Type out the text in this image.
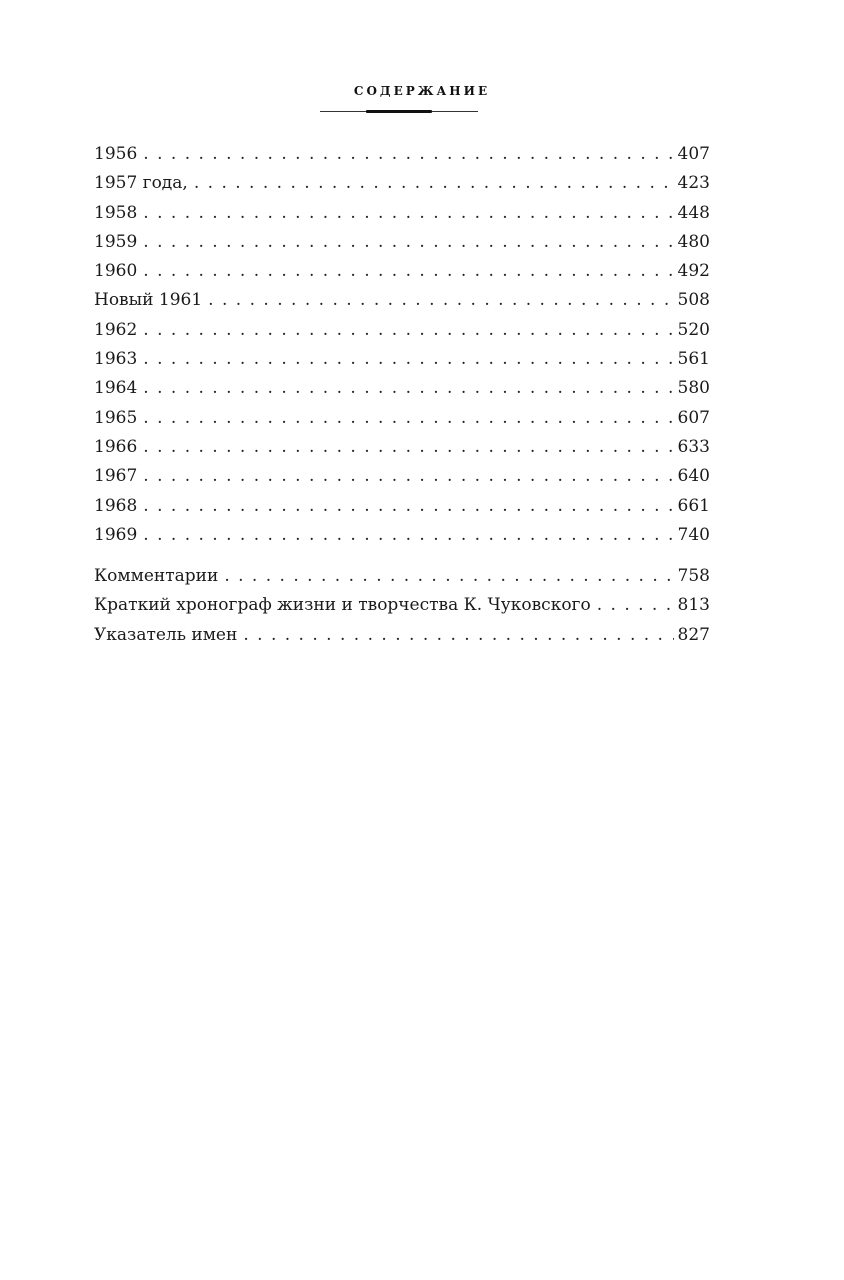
СОДЕРЖАНИЕ
1956 . . .	407
1957 года, . . .	423
1958 . . .	448
1959 . . .	480
1960 . . .	492
Новый 1961 . . .	508
1962 . . .	520
1963 . . .	561
1964 . . .	580
1965 . . .	607
1966 . . .	633
1967 . . .	640
1968 . . .	661
1969 . . .	740
Комментарии . . .	758
Краткий хронограф жизни и творчества К. Чуковского . . .	813
Указатель имен . . .	827
